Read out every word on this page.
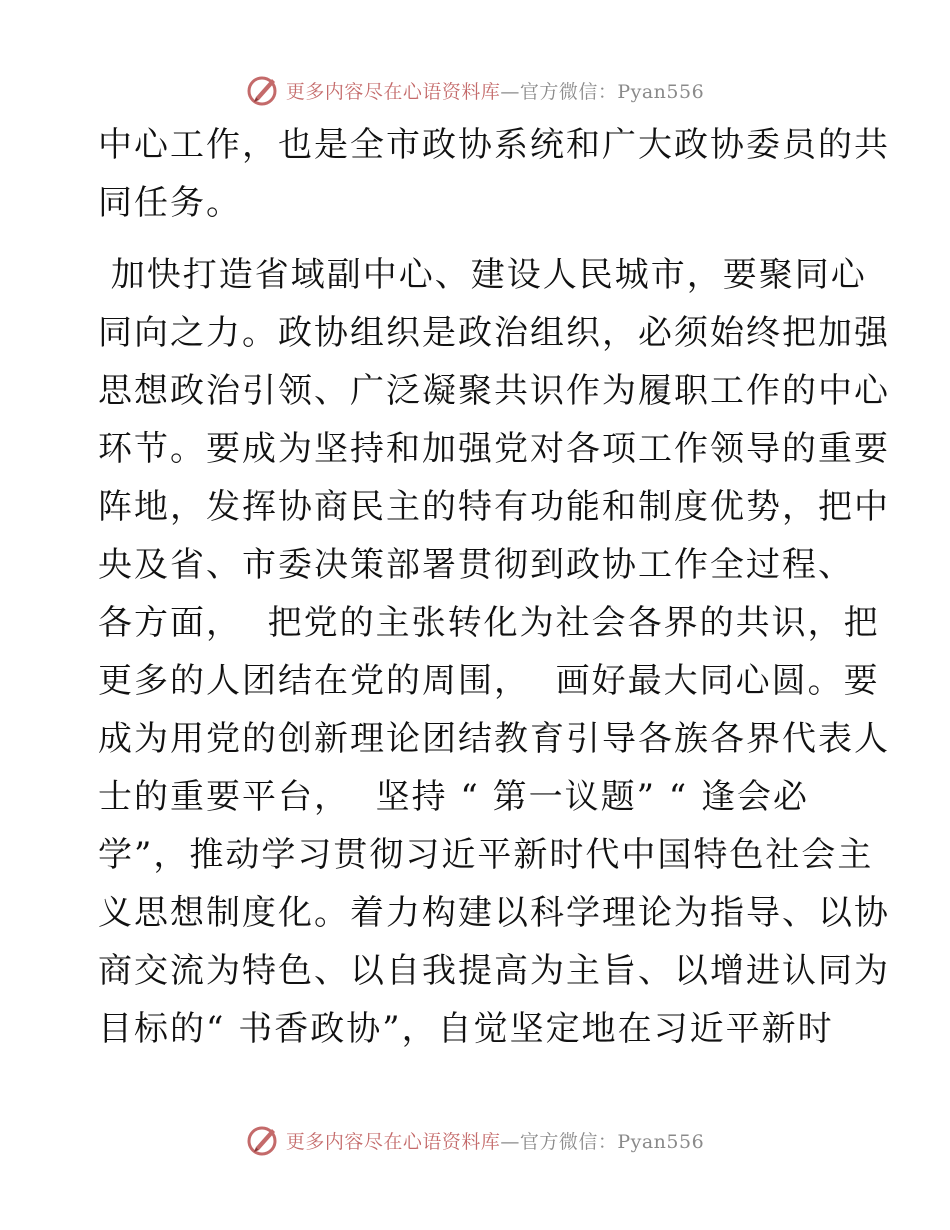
更多内容尽在心语资料库—官方微信：Pyan556
中心工作，也是全市政协系统和广大政协委员的共
同任务。
加快打造省域副中心、建设人民城市，要聚同心
同向之力。政协组织是政治组织，必须始终把加强
思想政治引领、广泛凝聚共识作为履职工作的中心
环节。要成为坚持和加强党对各项工作领导的重要
阵地，发挥协商民主的特有功能和制度优势，把中
央及省、市委决策部署贯彻到政协工作全过程、
各方面，  把党的主张转化为社会各界的共识，把
更多的人团结在党的周围，  画好最大同心圆。要
成为用党的创新理论团结教育引导各族各界代表人
士的重要平台，  坚持 “ 第一议题” “ 逢会必
学”，推动学习贯彻习近平新时代中国特色社会主
义思想制度化。着力构建以科学理论为指导、以协
商交流为特色、以自我提高为主旨、以增进认同为
目标的“ 书香政协”，自觉坚定地在习近平新时
更多内容尽在心语资料库—官方微信：Pyan556
